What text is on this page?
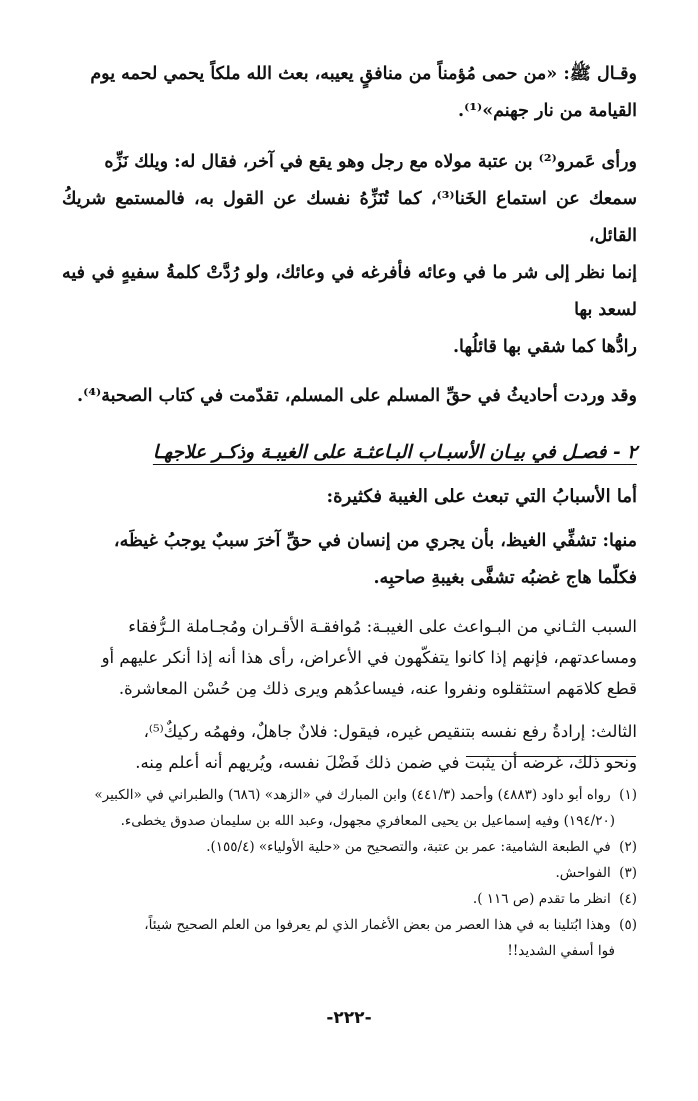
وقـال ﷺ: «من حمى مُؤمناً من منافقٍ يعيبه، بعث الله ملكاً يحمي لحمه يوم
القيامة من نار جهنم»⁽¹⁾.

ورأى عَمرو⁽²⁾ بن عتبة مولاه مع رجل وهو يقع في آخر، فقال له: ويلك نَزِّه
سمعك عن استماع الخَنا⁽³⁾، كما تُنَزِّهُ نفسك عن القول به، فالمستمع شريكُ القائل،
إنما نظر إلى شر ما في وعائه فأفرغه في وعائك، ولو رُدَّتْ كلمةُ سفيهٍ في فيه لسعد بها
رادُّها كما شقي بها قائلُها.

وقد وردت أحاديثُ في حقِّ المسلم على المسلم، تقدّمت في كتاب الصحبة⁽⁴⁾.

٢ - فصـل في بيـان الأسبـاب البـاعثـة على الغيبـة وذكـر علاجهـا

أما الأسبابُ التي تبعث على الغيبة فكثيرة:

منها: تشفِّي الغيظ، بأن يجري من إنسان في حقِّ آخرَ سببٌ يوجبُ غيظَه،
فكلّما هاج غضبُه تشفَّى بغيبةِ صاحبِه.

السبب الثـاني من البـواعث على الغيبـة: مُوافقـة الأقـران ومُجـاملة الـرُّفقاء
ومساعدتهم، فإنهم إذا كانوا يتفكّهون في الأعراض، رأى هذا أنه إذا أنكر عليهم أو
قطع كلامَهم استثقلوه ونفروا عنه، فيساعدُهم ويرى ذلك مِن حُسْن المعاشرة.

الثالث: إرادةُ رفع نفسه بتنقيص غيره، فيقول: فلانٌ جاهلٌ، وفهمُه ركيكٌ⁽⁵⁾،
ونحو ذلك، غرضه أن يثبت في ضمن ذلك فَضْلَ نفسه، ويُريهم أنه أعلم مِنه.

(١) رواه أبو داود (٤٨٨٣) وأحمد (٤٤١/٣) وابن المبارك في «الزهد» (٦٨٦) والطبراني في «الكبير»

(١٩٤/٢٠) وفيه إسماعيل بن يحيى المعافري مجهول، وعبد الله بن سليمان صدوق يخطىء.

(٢) في الطبعة الشامية: عمر بن عتبة، والتصحيح من «حلية الأولياء» (١٥٥/٤).

(٣) الفواحش.

(٤) انظر ما تقدم (ص ١١٦ ).

(٥) وهذا ابُتلينا به في هذا العصر من بعض الأغمار الذي لم يعرفوا من العلم الصحيح شيئاً،

فوا أسفي الشديد!!

-٢٢٢-
